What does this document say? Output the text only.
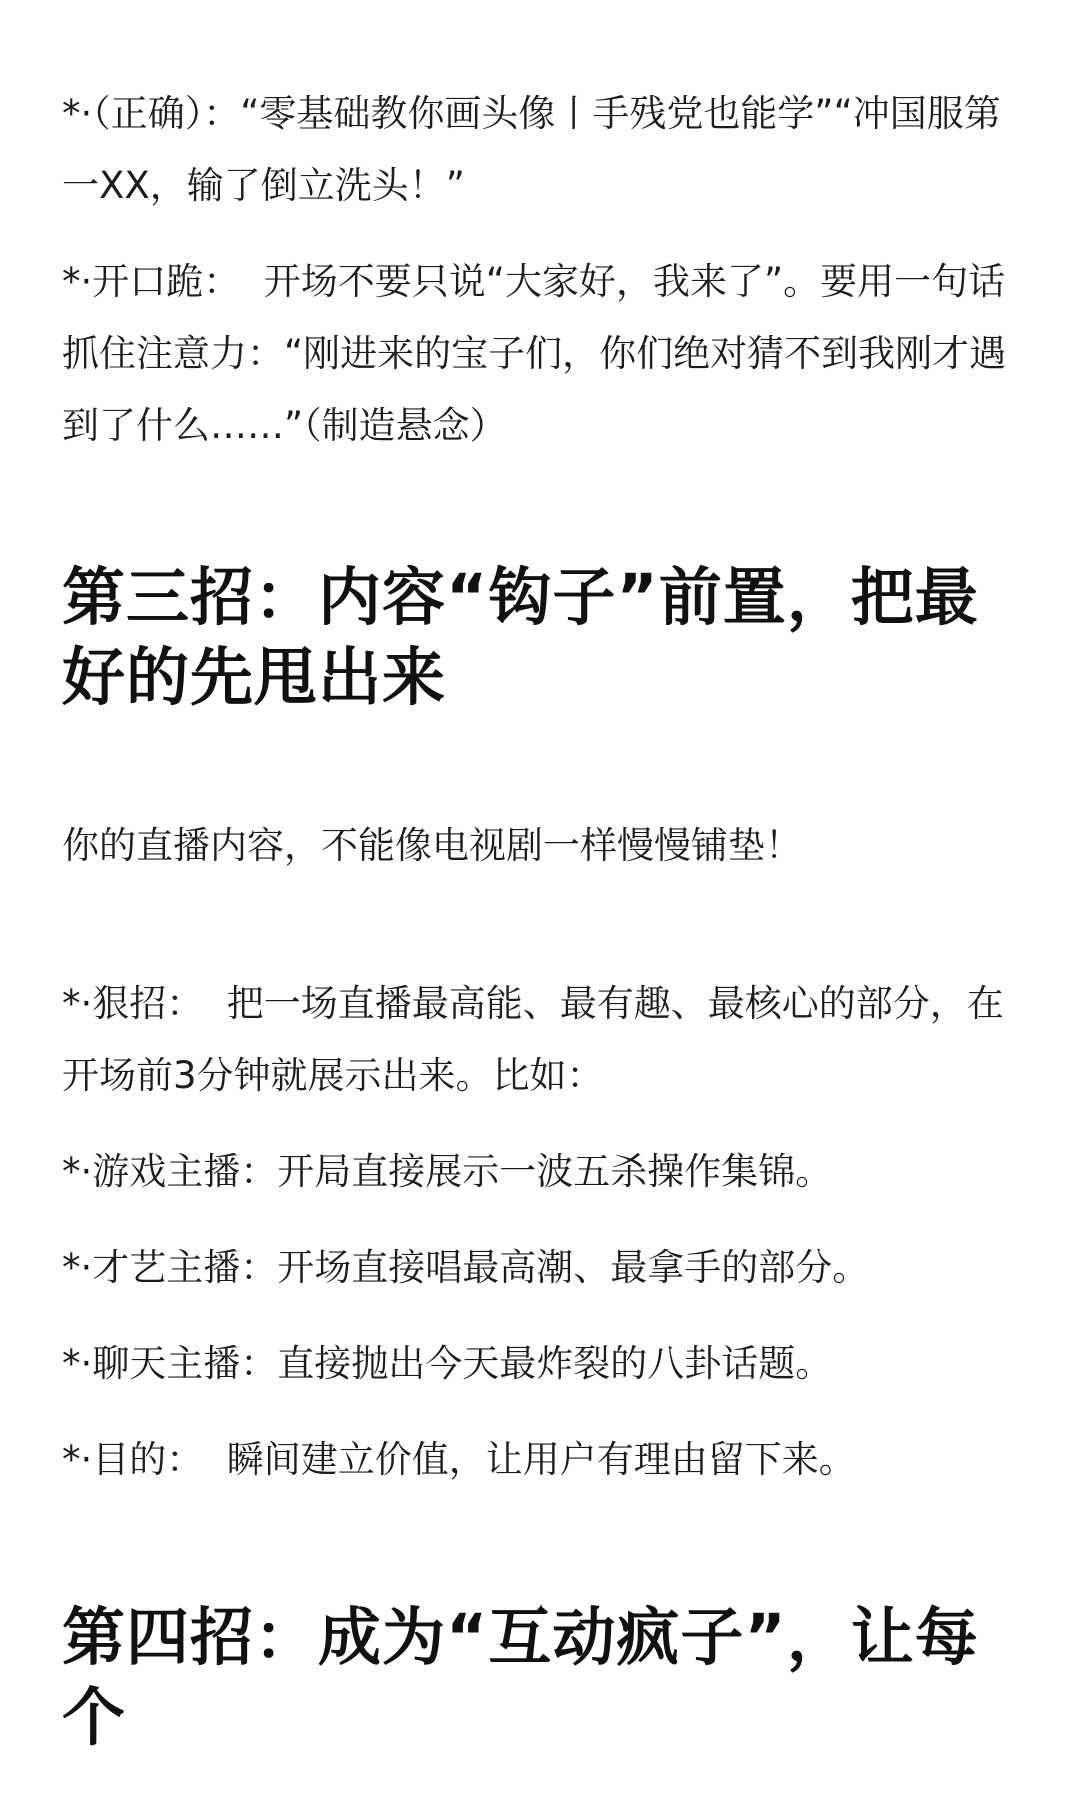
*·（正确）：“零基础教你画头像丨手残党也能学”“冲国服第一XX，输了倒立洗头！”
*·开口跪：  开场不要只说“大家好，我来了”。要用一句话抓住注意力：“刚进来的宝子们，你们绝对猜不到我刚才遇到了什么……”（制造悬念）
第三招：内容“钩子”前置，把最好的先甩出来
你的直播内容，不能像电视剧一样慢慢铺垫！
*·狠招：  把一场直播最高能、最有趣、最核心的部分，在开场前3分钟就展示出来。比如：
*·游戏主播：开局直接展示一波五杀操作集锦。
*·才艺主播：开场直接唱最高潮、最拿手的部分。
*·聊天主播：直接抛出今天最炸裂的八卦话题。
*·目的：  瞬间建立价值，让用户有理由留下来。
第四招：成为“互动疯子”，让每个
